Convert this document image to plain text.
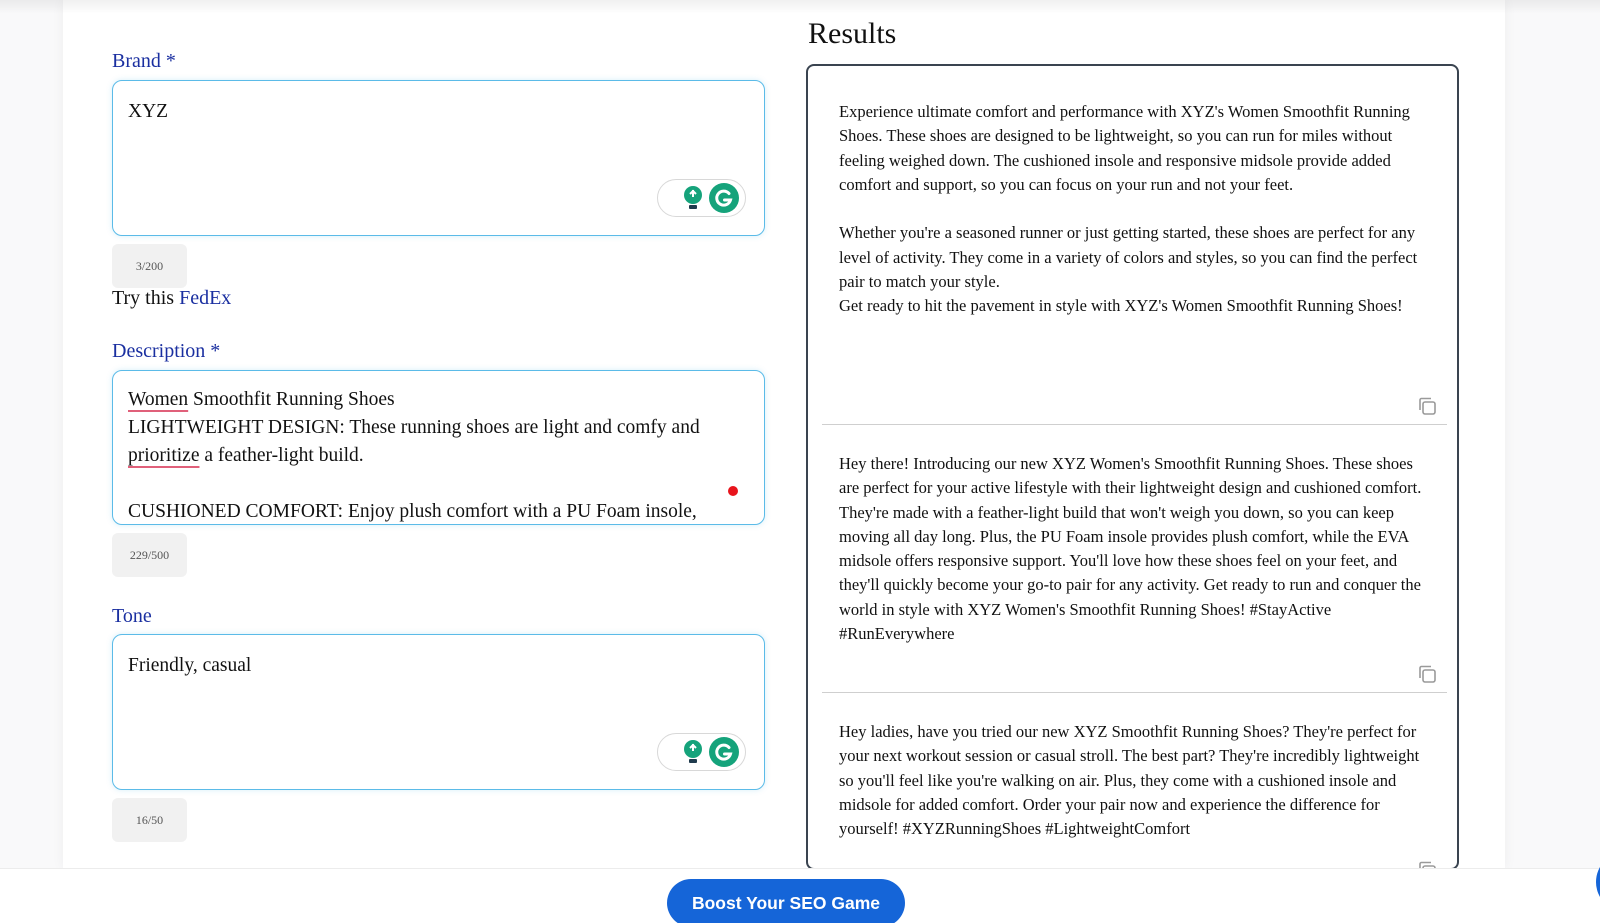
Brand *
XYZ
3/200
Try this FedEx
Description *
Women Smoothfit Running Shoes
LIGHTWEIGHT DESIGN: These running shoes are light and comfy and
prioritize a feather-light build.
CUSHIONED COMFORT: Enjoy plush comfort with a PU Foam insole,
229/500
Tone
Friendly, casual
16/50
Results

Experience ultimate comfort and performance with XYZ's Women Smoothfit Running Shoes. These shoes are designed to be lightweight, so you can run for miles without feeling weighed down. The cushioned insole and responsive midsole provide added comfort and support, so you can focus on your run and not your feet.

Whether you're a seasoned runner or just getting started, these shoes are perfect for any level of activity. They come in a variety of colors and styles, so you can find the perfect pair to match your style.
Get ready to hit the pavement in style with XYZ's Women Smoothfit Running Shoes!

Hey there! Introducing our new XYZ Women's Smoothfit Running Shoes. These shoes are perfect for your active lifestyle with their lightweight design and cushioned comfort. They're made with a feather-light build that won't weigh you down, so you can keep moving all day long. Plus, the PU Foam insole provides plush comfort, while the EVA midsole offers responsive support. You'll love how these shoes feel on your feet, and they'll quickly become your go-to pair for any activity. Get ready to run and conquer the world in style with XYZ Women's Smoothfit Running Shoes! #StayActive #RunEverywhere

Hey ladies, have you tried our new XYZ Smoothfit Running Shoes? They're perfect for your next workout session or casual stroll. The best part? They're incredibly lightweight so you'll feel like you're walking on air. Plus, they come with a cushioned insole and midsole for added comfort. Order your pair now and experience the difference for yourself! #XYZRunningShoes #LightweightComfort

Boost Your SEO Game
